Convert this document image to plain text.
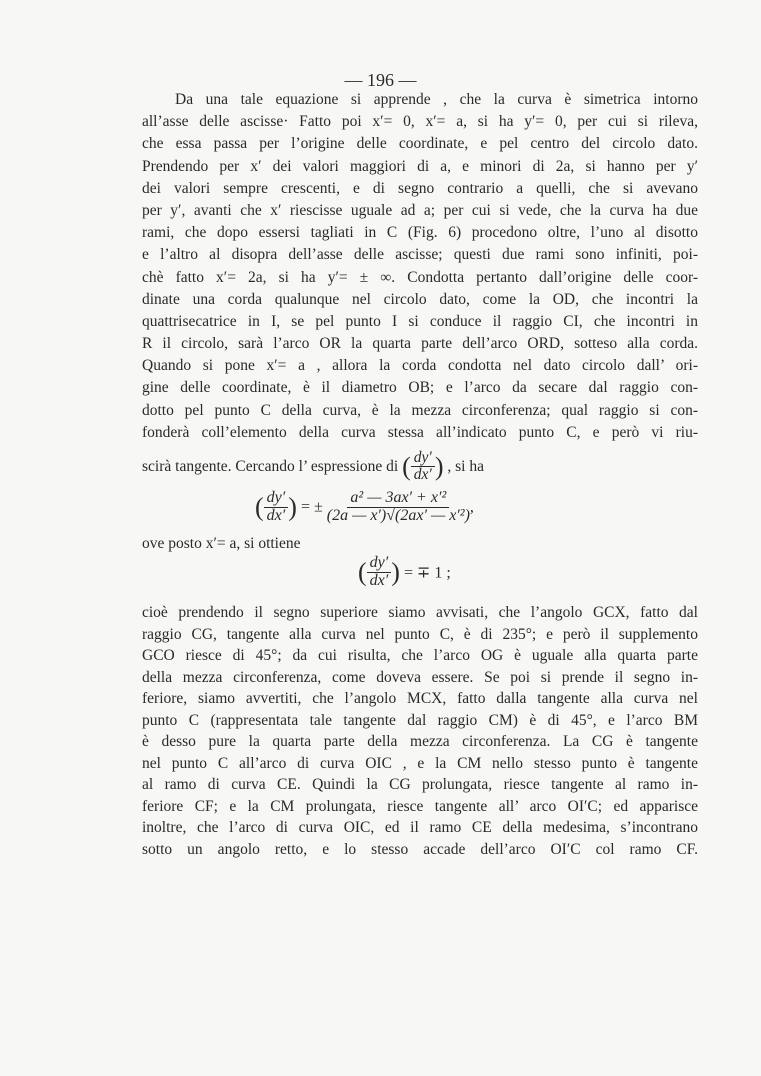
— 196 —
Da una tale equazione si apprende , che la curva è simetrica intorno
all’asse delle ascisse· Fatto poi x′= 0, x′= a, si ha y′= 0, per cui si rileva,
che essa passa per l’origine delle coordinate, e pel centro del circolo dato.
Prendendo per x′ dei valori maggiori di a, e minori di 2a, si hanno per y′
dei valori sempre crescenti, e di segno contrario a quelli, che si avevano
per y′, avanti che x′ riescisse uguale ad a; per cui si vede, che la curva ha due
rami, che dopo essersi tagliati in C (Fig. 6) procedono oltre, l’uno al disotto
e l’altro al disopra dell’asse delle ascisse; questi due rami sono infiniti, poi-
chè fatto x′= 2a, si ha y′= ± ∞. Condotta pertanto dall’origine delle coor-
dinate una corda qualunque nel circolo dato, come la OD, che incontri la
quattrisecatrice in I, se pel punto I si conduce il raggio CI, che incontri in
R il circolo, sarà l’arco OR la quarta parte dell’arco ORD, sotteso alla corda.
Quando si pone x′= a , allora la corda condotta nel dato circolo dall’ ori-
gine delle coordinate, è il diametro OB; e l’arco da secare dal raggio con-
dotto pel punto C della curva, è la mezza circonferenza; qual raggio si con-
fonderà coll’elemento della curva stessa all’indicato punto C, e però vi riu-
scirà tangente. Cercando l’ espressione di ( $\frac{dy'}{dx'}$ ) , si ha
( $\frac{dy'}{dx'}$ ) = ± $\frac{\text{a² — 3ax′ + x′²}}{\text{(2a — x′)√(2ax′ — x′²)}}$ ,
ove posto x′= a, si ottiene
( $\frac{dy'}{dx'}$ ) = ∓ 1 ;
cioè prendendo il segno superiore siamo avvisati, che l’angolo GCX, fatto dal
raggio CG, tangente alla curva nel punto C, è di 235°; e però il supplemento
GCO riesce di 45°; da cui risulta, che l’arco OG è uguale alla quarta parte
della mezza circonferenza, come doveva essere. Se poi si prende il segno in-
feriore, siamo avvertiti, che l’angolo MCX, fatto dalla tangente alla curva nel
punto C (rappresentata tale tangente dal raggio CM) è di 45°, e l’arco BM
è desso pure la quarta parte della mezza circonferenza. La CG è tangente
nel punto C all’arco di curva OIC , e la CM nello stesso punto è tangente
al ramo di curva CE. Quindi la CG prolungata, riesce tangente al ramo in-
feriore CF; e la CM prolungata, riesce tangente all’ arco OI′C; ed apparisce
inoltre, che l’arco di curva OIC, ed il ramo CE della medesima, s’incontrano
sotto un angolo retto, e lo stesso accade dell’arco OI′C col ramo CF.
